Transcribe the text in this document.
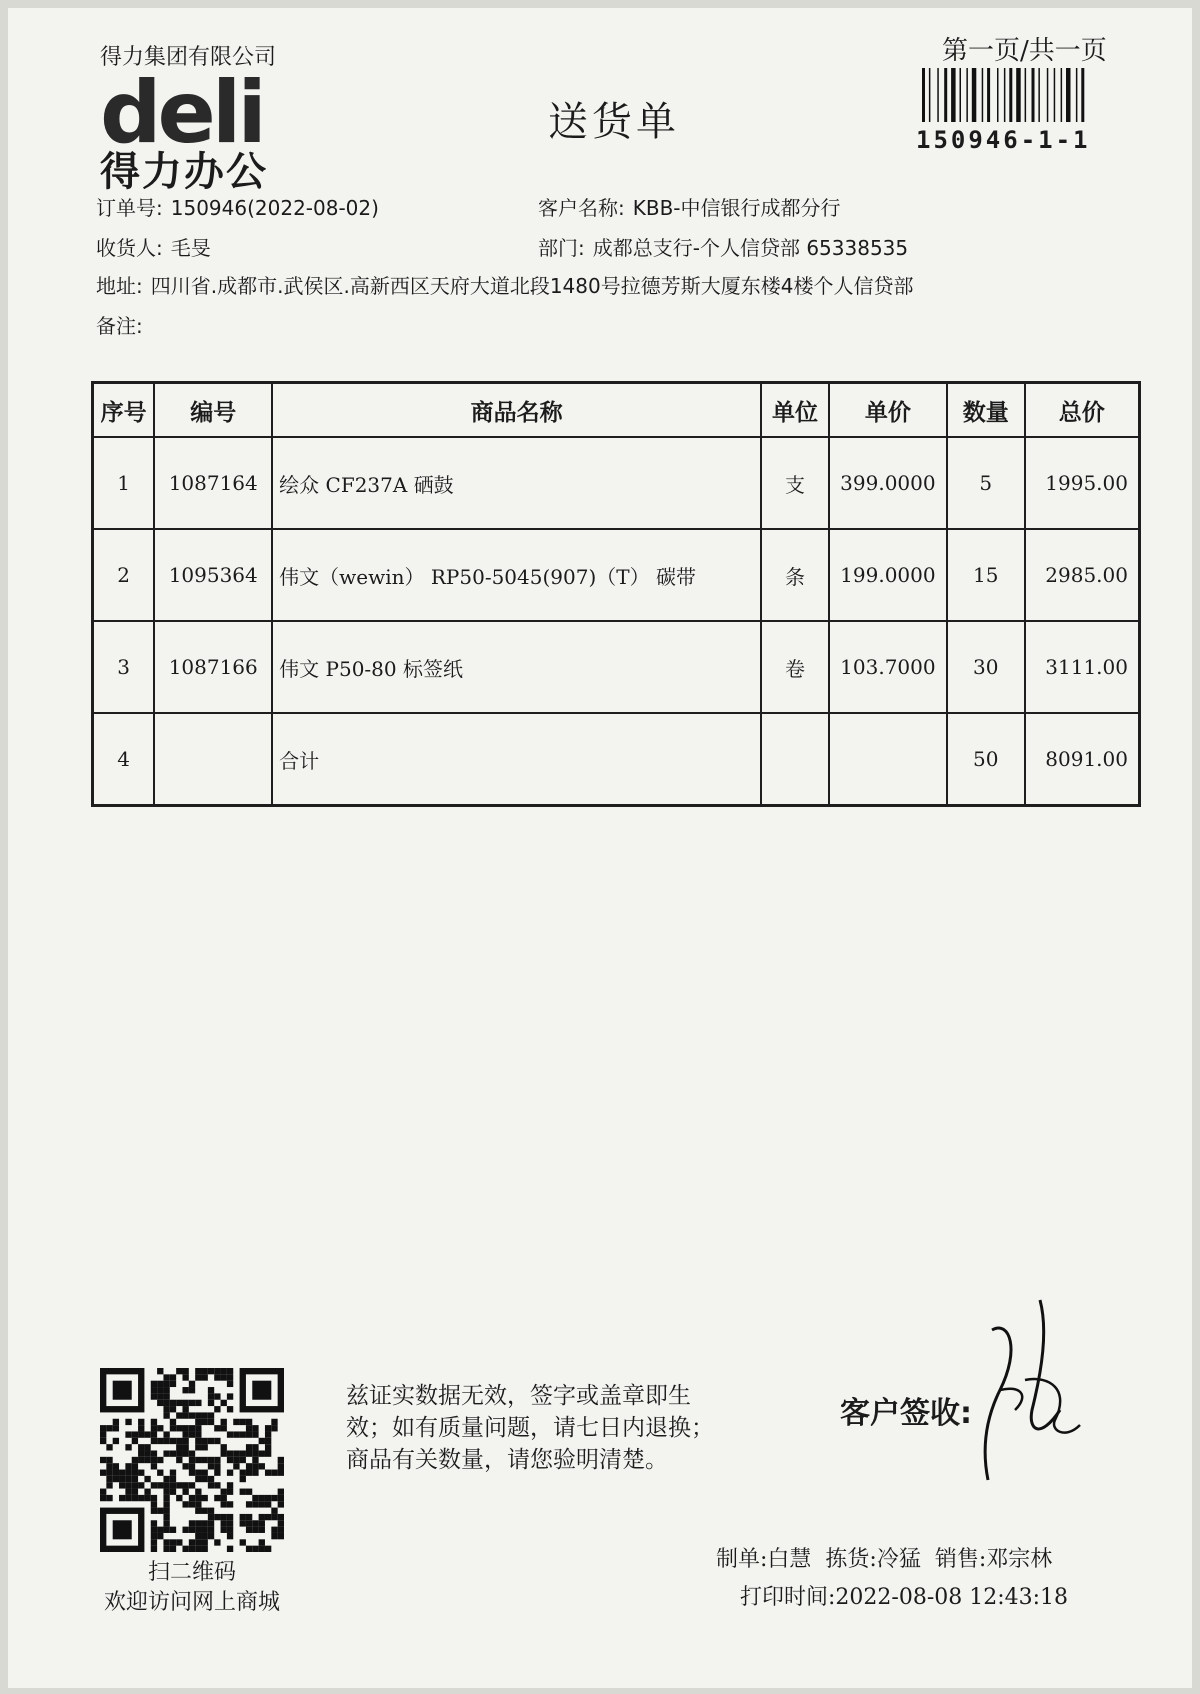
得力集团有限公司
deli
得力办公
送货单
第一页/共一页
150946-1-1
订单号: 150946(2022-08-02)	客户名称: KBB-中信银行成都分行
收货人: 毛旻	部门: 成都总支行-个人信贷部 65338535
地址: 四川省.成都市.武侯区.高新西区天府大道北段1480号拉德芳斯大厦东楼4楼个人信贷部
备注:
序号	编号	商品名称	单位	单价	数量	总价
1	1087164	绘众 CF237A 硒鼓	支	399.0000	5	1995.00
2	1095364	伟文（wewin） RP50-5045(907)（T） 碳带	条	199.0000	15	2985.00
3	1087166	伟文 P50-80 标签纸	卷	103.7000	30	3111.00
4		合计			50	8091.00
扫二维码
欢迎访问网上商城
兹证实数据无效，签字或盖章即生
效；如有质量问题，请七日内退换；
商品有关数量，请您验明清楚。
客户签收:
制单:白慧 拣货:冷猛 销售:邓宗林
打印时间:2022-08-08 12:43:18
